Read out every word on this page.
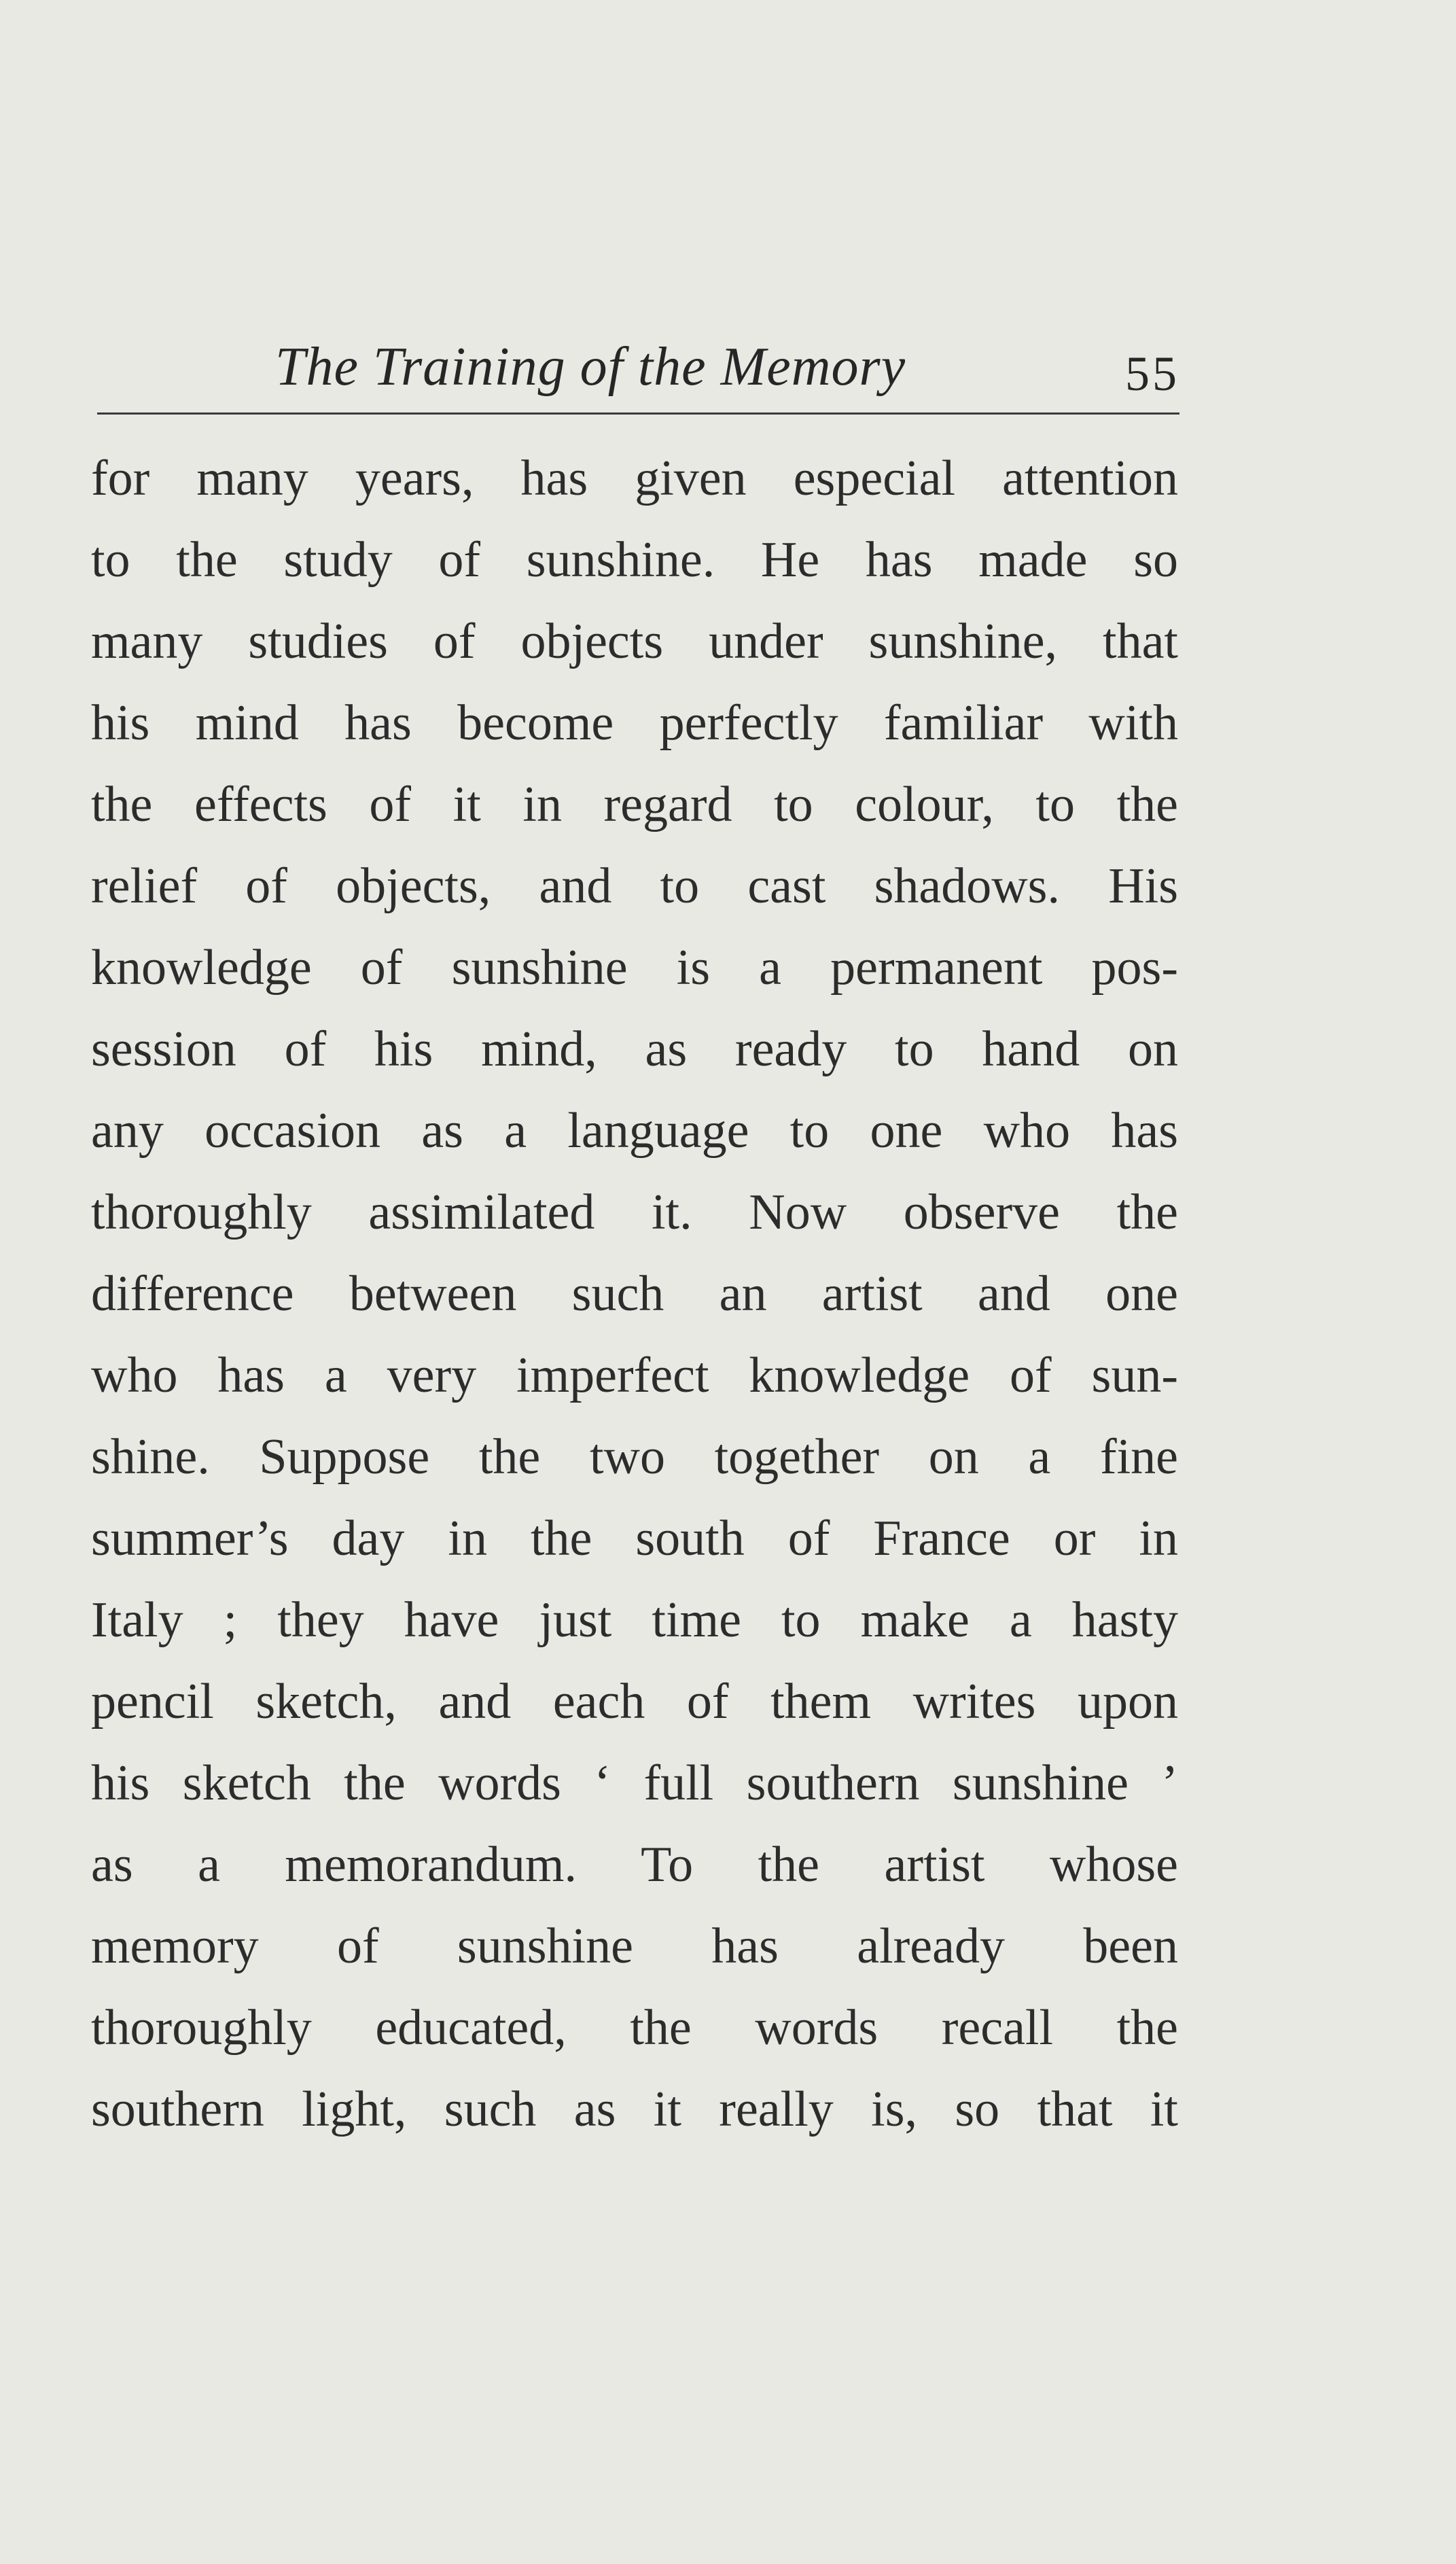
The Training of the Memory	55
for many years, has given especial attention
to the study of sunshine. He has made so
many studies of objects under sunshine, that
his mind has become perfectly familiar with
the effects of it in regard to colour, to the
relief of objects, and to cast shadows. His
knowledge of sunshine is a permanent pos-
session of his mind, as ready to hand on
any occasion as a language to one who has
thoroughly assimilated it. Now observe the
difference between such an artist and one
who has a very imperfect knowledge of sun-
shine. Suppose the two together on a fine
summer’s day in the south of France or in
Italy ; they have just time to make a hasty
pencil sketch, and each of them writes upon
his sketch the words ‘ full southern sunshine ’
as a memorandum. To the artist whose
memory of sunshine has already been
thoroughly educated, the words recall the
southern light, such as it really is, so that it
